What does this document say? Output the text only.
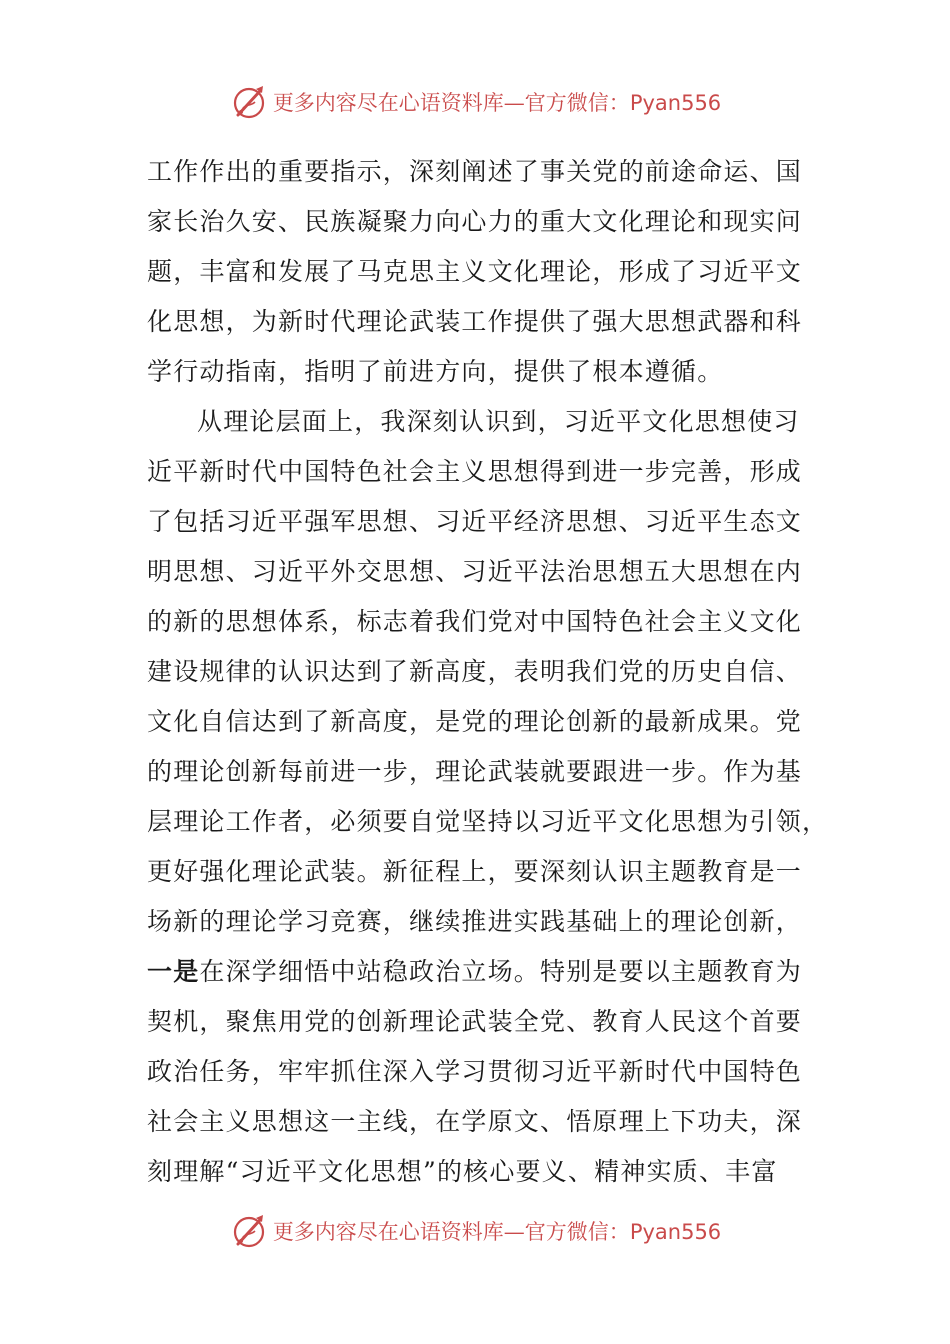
更多内容尽在心语资料库—官方微信：Pyan556
工作作出的重要指示，深刻阐述了事关党的前途命运、国
家长治久安、民族凝聚力向心力的重大文化理论和现实问
题，丰富和发展了马克思主义文化理论，形成了习近平文
化思想，为新时代理论武装工作提供了强大思想武器和科
学行动指南，指明了前进方向，提供了根本遵循。
从理论层面上，我深刻认识到，习近平文化思想使习
近平新时代中国特色社会主义思想得到进一步完善，形成
了包括习近平强军思想、习近平经济思想、习近平生态文
明思想、习近平外交思想、习近平法治思想五大思想在内
的新的思想体系，标志着我们党对中国特色社会主义文化
建设规律的认识达到了新高度，表明我们党的历史自信、
文化自信达到了新高度，是党的理论创新的最新成果。党
的理论创新每前进一步，理论武装就要跟进一步。作为基
层理论工作者，必须要自觉坚持以习近平文化思想为引领，
更好强化理论武装。新征程上，要深刻认识主题教育是一
场新的理论学习竞赛，继续推进实践基础上的理论创新，
一是在深学细悟中站稳政治立场。特别是要以主题教育为
契机，聚焦用党的创新理论武装全党、教育人民这个首要
政治任务，牢牢抓住深入学习贯彻习近平新时代中国特色
社会主义思想这一主线，在学原文、悟原理上下功夫，深
刻理解“习近平文化思想”的核心要义、精神实质、丰富
更多内容尽在心语资料库—官方微信：Pyan556
